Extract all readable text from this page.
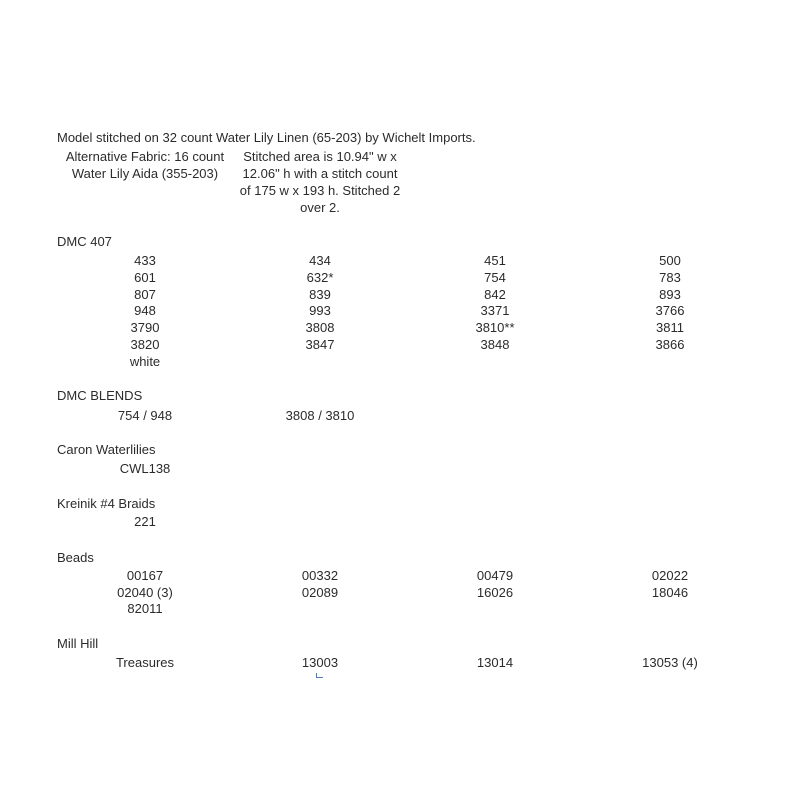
Model stitched on 32 count Water Lily Linen (65-203) by Wichelt Imports.
Alternative Fabric: 16 count
Water Lily Aida (355-203)
Stitched area is 10.94" w x
12.06" h with a stitch count
of 175 w x 193 h. Stitched 2
over 2.
DMC 407
433	434	451	500
601	632*	754	783
807	839	842	893
948	993	3371	3766
3790	3808	3810**	3811
3820	3847	3848	3866
white
DMC BLENDS
754 / 948	3808 / 3810
Caron Waterlilies
CWL138
Kreinik #4 Braids
221
Beads
00167	00332	00479	02022
02040 (3)	02089	16026	18046
82011
Mill Hill
Treasures	13003	13014	13053 (4)
